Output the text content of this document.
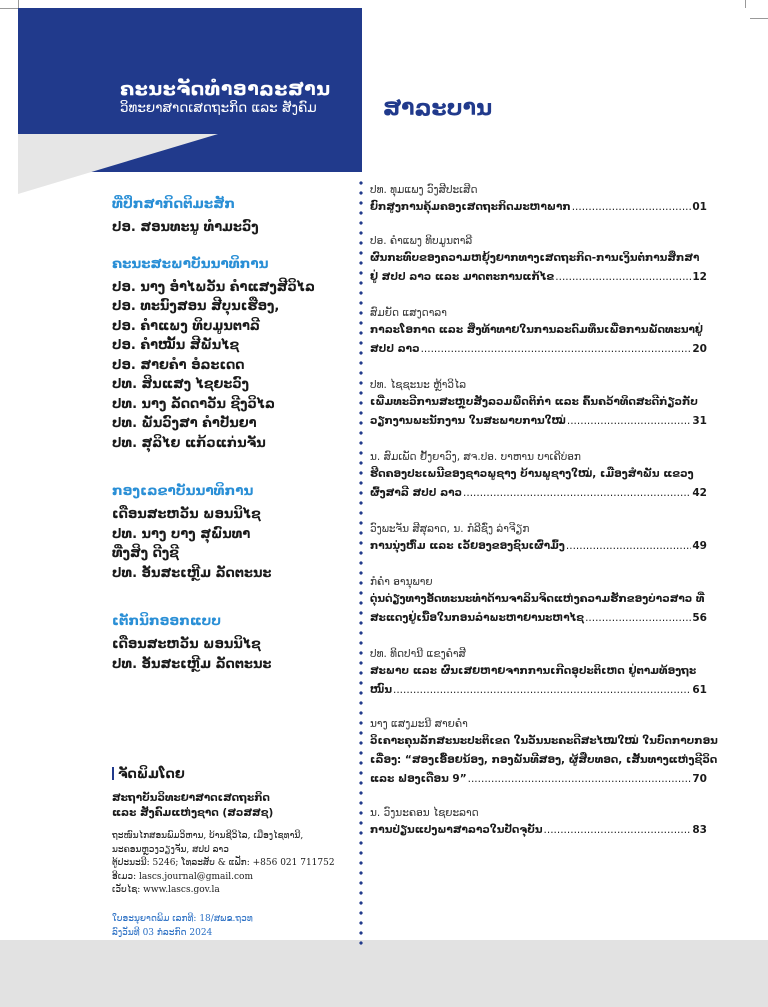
ຄະນະຈັດທໍາອາລະສານ
ວິທະຍາສາດເສດຖະກິດ ແລະ ສັງຄົມ	ສາລະບານ
ທີ່ປຶກສາກິດຕິມະສັກ
ປອ. ສອນທະນູ ທໍາມະວົງ
ຄະນະສະພາບັນນາທິການ
ປອ. ນາງ ອໍາໄພວັນ ຄໍາແສງສີວິໄລ
ປອ. ທະນົງສອນ ສີບຸນເຮືອງ,
ປອ. ຄໍາແພງ ທິບມູນຕາລີ
ປອ. ຄໍາໝັ້ນ ສີພັນໄຊ
ປອ. ສາຍຄໍາ ອໍລະເດດ
ປທ. ສິນແສງ ໄຊຍະວົງ
ປທ. ນາງ ລັດດາວັນ ຊີງວິໄລ
ປທ. ພັນວົງສາ ຄໍາປັນຍາ
ປທ. ສຸລິໄຍ ແກ້ວແກ່ນຈັນ
ກອງເລຂາບັນນາທິການ
ເດືອນສະຫວັນ ພອນນິໄຊ
ປທ. ນາງ ບາງ ສຸພົນທາ
ທີ່ງສິງ ດີງຊີ
ປທ. ອັນສະເຫຼີມ ລັດຕະນະ
ເຕັກນິກອອກແບບ
ເດືອນສະຫວັນ ພອນນິໄຊ
ປທ. ອັນສະເຫຼີມ ລັດຕະນະ
ຈັດພິມໂດຍ
ສະຖາບັນວິທະຍາສາດເສດຖະກິດ
ແລະ ສັງຄົມແຫ່ງຊາດ (ສວສສຊ)
ຖະໜົນໄກສອນພົມວິຫານ, ບ້ານຊີວິໄລ, ເມືອງໄຊທານີ,
ນະຄອນຫຼວງວຽງຈັນ, ສປປ ລາວ
ຕູ້ປະນະນີ: 5246; ໂທລະສັບ & ແຟັກ: +856 021 711752
ອີເມວ: lascs.journal@gmail.com
ເວັບໄຊ: www.lascs.gov.la
ໃບອະນຸຍາດພິມ ເລກທີ: 18/ສພຂ.ຖວທ
ລົງວັນທີ 03 ກໍລະກົດ 2024
ປທ. ທຸມແພງ ວົງສີປະເສີດ
ຍົກສູງການຄຸ້ມຄອງເສດຖະກິດມະຫາພາກ .....	01
ປອ. ຄໍາແພງ ທິບມູນຕາລີ
ຜົນກະທົບຂອງຄວາມຫຍຸ້ງຍາກທາງເສດຖະກິດ-ການເງິນຕໍ່ການສຶກສາ
ຢູ່ ສປປ ລາວ ແລະ ມາດຕະການແກ້ໄຂ .....	12
ສົມຍັດ ແສງດາລາ
ກາລະໂອກາດ ແລະ ສິ່ງທ້າທາຍໃນການລະດົມທຶນເພື່ອການພັດທະນາຢູ່
ສປປ ລາວ .....	20
ປທ. ໄຊຊະນະ ຫຼ້າວິໄລ
ເພີ່ມທະວີການສະຫຼຸບສັງລວມພຶດຕິກໍາ ແລະ ຄົ້ນຄວ້າທິດສະດີກ່ຽວກັບ
ວຽກງານພະນັກງານ ໃນສະພາບການໃໝ່ .....	31
ນ. ສົມເພັດ ຢັ້ງຍາວົງ, ສຈ.ປອ. ບາຫານ ບາເຄີບ່ອກ
ຮີດຄອງປະເພນີຂອງຊາວພູຊາງ ບ້ານພູຊາງໃໝ່, ເມືອງສໍາພັນ ແຂວງ
ຜົ້ງສາລີ ສປປ ລາວ .....	42
ວົງພະຈັນ ສີສຸລາດ, ນ. ກໍລີຊົ່ງ ລ່າຈີຽກ
ການນຸ່ງຫົ່ມ ແລະ ເວັ້ຍອງຂອງຊົນເຜົ່າມົ້ງ .....	49
ກໍຄໍາ ອານຸພາຍ
ດຸ່ນດ່ຽງທາງອັດທະນະທໍາດ້ານຈາລິນຈິດແຫ່ງຄວາມຮັກຂອງບ່າວສາວ ທີ່
ສະແດງຢູ່ເນື້ອໃນກອນລໍາພະຫາຍານະຫາໄຊ .....	56
ປທ. ທິດປານີ ແຂງຄໍາສີ
ສະພາບ ແລະ ຜົນເສຍຫາຍຈາກການເກີດອຸປະຕິເຫດ ຢູ່ຕາມທ້ອງຖະ
ໜົນ .....	61
ນາງ ແສງມະນີ ສາຍຄໍາ
ວິເຄາະຄຸນລັກສະນະປະຕິເຂດ ໃນວັນນະຄະດີສະໄໝໃໝ່ ໃນບົດກາບກອນ
ເລື່ອງ: “ສອງເອື້ອຍນ້ອງ, ກອງພັນທີສອງ, ຜູ້ສືບທອດ, ເສັ້ນທາງແຫ່ງຊີວິດ
ແລະ ຟອງເດືອນ 9” .....	70
ນ. ວົງນະຄອນ ໄຊຍະລາດ
ການປ່ຽນແປງພາສາລາວໃນປັດຈຸບັນ .....	83
